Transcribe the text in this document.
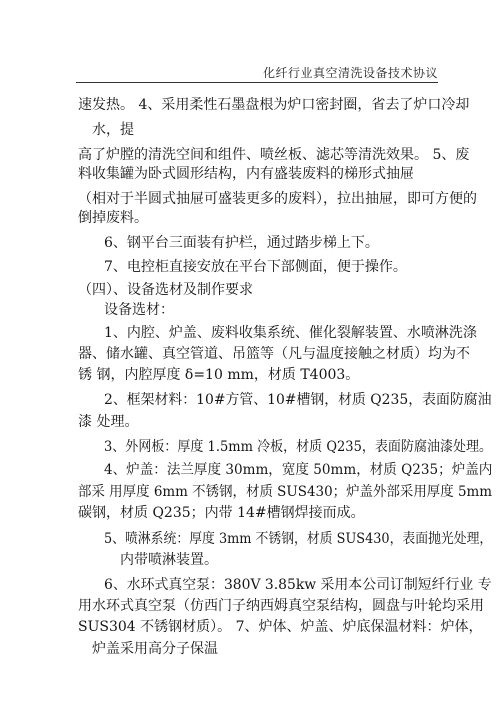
化纤行业真空清洗设备技术协议
速发热。 4、采用柔性石墨盘根为炉口密封圈，省去了炉口冷却
水，提
高了炉膛的清洗空间和组件、喷丝板、滤芯等清洗效果。 5、废
料收集罐为卧式圆形结构，内有盛装废料的梯形式抽屉
（相对于半圆式抽屉可盛装更多的废料），拉出抽屉，即可方便的
倒掉废料。
6、钢平台三面装有护栏，通过踏步梯上下。
7、电控柜直接安放在平台下部侧面，便于操作。
（四）、设备选材及制作要求
设备选材：
1、内腔、炉盖、废料收集系统、催化裂解装置、水喷淋洗涤
器、储水罐、真空管道、吊篮等（凡与温度接触之材质）均为不
锈 钢，内腔厚度 δ=10 mm，材质 T4003。
2、框架材料：10#方管、10#槽钢，材质 Q235，表面防腐油
漆 处理。
3、外网板：厚度 1.5mm 冷板，材质 Q235，表面防腐油漆处理。
4、炉盖：法兰厚度 30mm，宽度 50mm，材质 Q235；炉盖内
部采 用厚度 6mm 不锈钢，材质 SUS430；炉盖外部采用厚度 5mm
碳钢，材质 Q235；内带 14#槽钢焊接而成。
5、喷淋系统：厚度 3mm 不锈钢，材质 SUS430，表面抛光处理，
内带喷淋装置。
6、水环式真空泵：380V 3.85kw 采用本公司订制短纤行业 专
用水环式真空泵（仿西门子纳西姆真空泵结构，圆盘与叶轮均采用
SUS304 不锈钢材质）。 7、炉体、炉盖、炉底保温材料：炉体，
炉盖采用高分子保温
